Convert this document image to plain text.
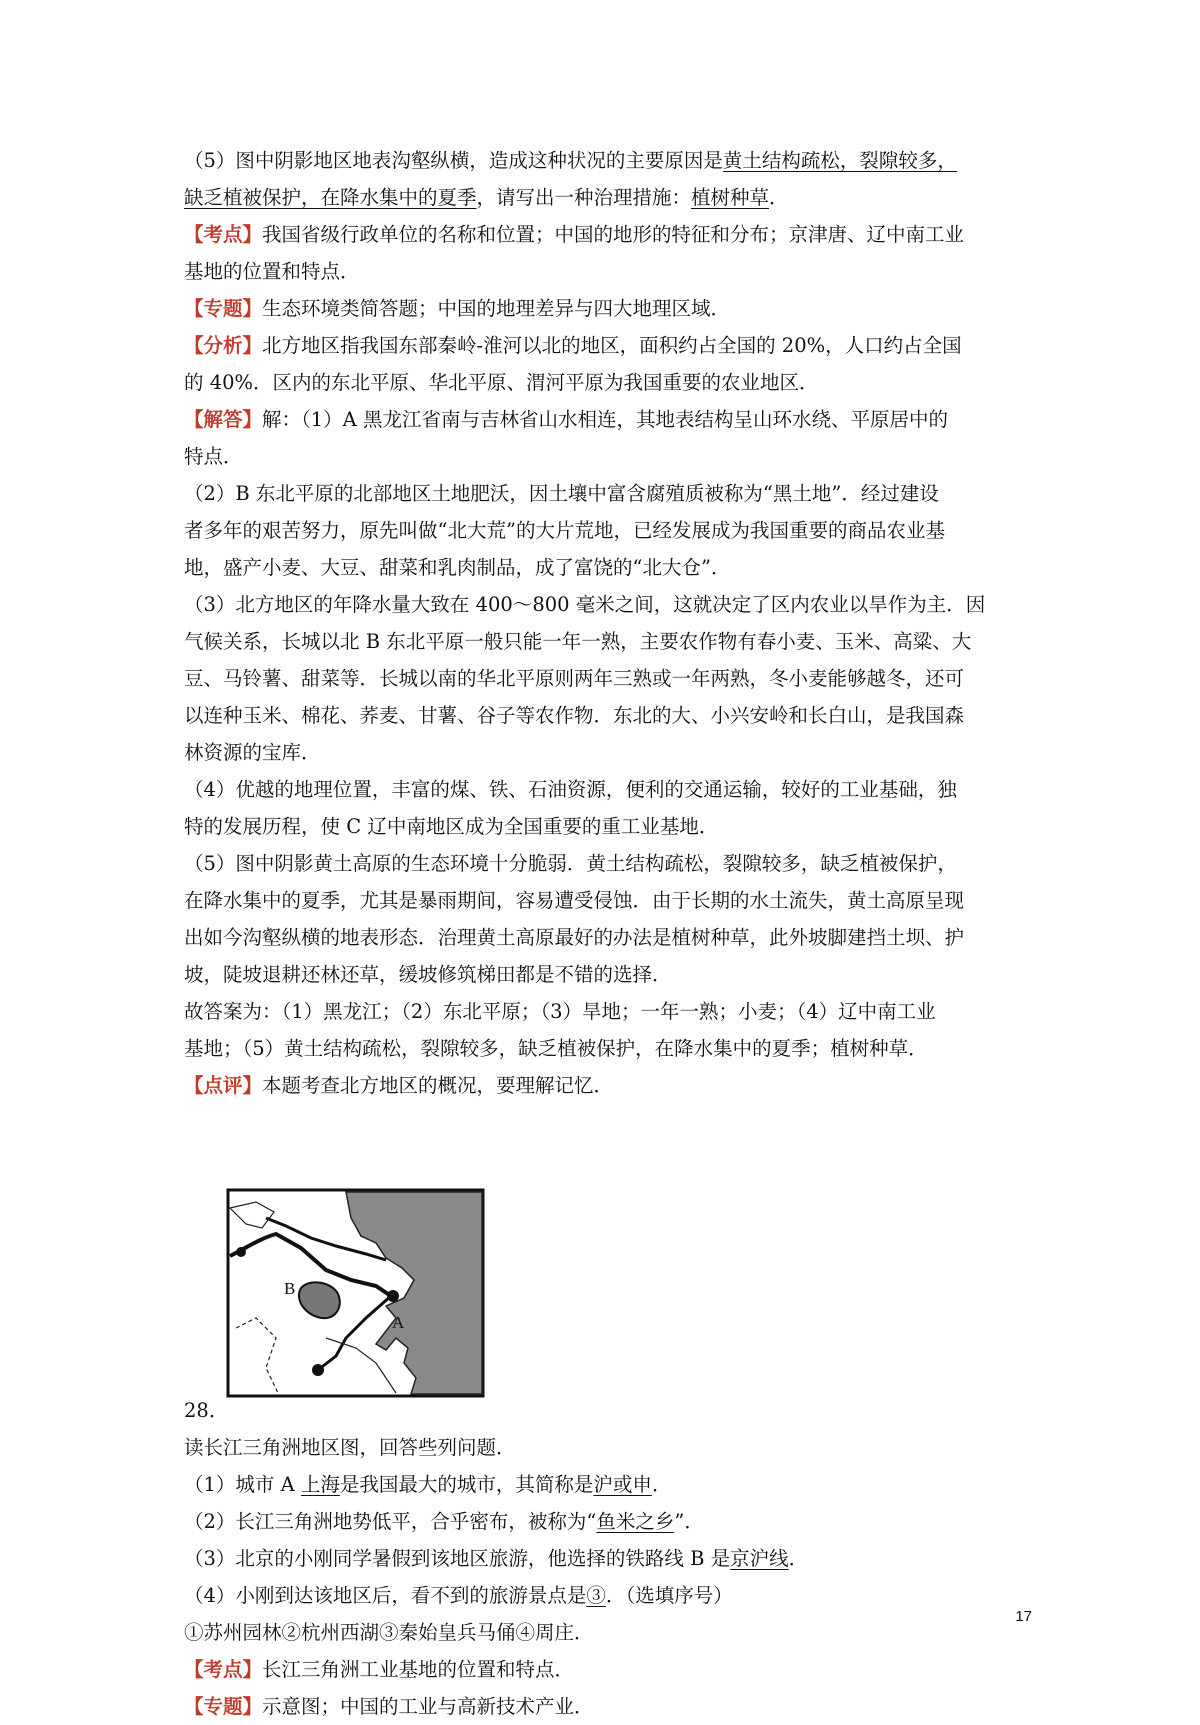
（5）图中阴影地区地表沟壑纵横，造成这种状况的主要原因是黄土结构疏松，裂隙较多，
缺乏植被保护，在降水集中的夏季，请写出一种治理措施：植树种草．
【考点】我国省级行政单位的名称和位置；中国的地形的特征和分布；京津唐、辽中南工业
基地的位置和特点．
【专题】生态环境类简答题；中国的地理差异与四大地理区域．
【分析】北方地区指我国东部秦岭-淮河以北的地区，面积约占全国的 20%，人口约占全国
的 40%．区内的东北平原、华北平原、渭河平原为我国重要的农业地区．
【解答】解：（1）A 黑龙江省南与吉林省山水相连，其地表结构呈山环水绕、平原居中的
特点．
（2）B 东北平原的北部地区土地肥沃，因土壤中富含腐殖质被称为“黑土地”．经过建设
者多年的艰苦努力，原先叫做“北大荒”的大片荒地，已经发展成为我国重要的商品农业基
地，盛产小麦、大豆、甜菜和乳肉制品，成了富饶的“北大仓”．
（3）北方地区的年降水量大致在 400～800 毫米之间，这就决定了区内农业以旱作为主．因
气候关系，长城以北 B 东北平原一般只能一年一熟，主要农作物有春小麦、玉米、高粱、大
豆、马铃薯、甜菜等．长城以南的华北平原则两年三熟或一年两熟，冬小麦能够越冬，还可
以连种玉米、棉花、荞麦、甘薯、谷子等农作物．东北的大、小兴安岭和长白山，是我国森
林资源的宝库．
（4）优越的地理位置，丰富的煤、铁、石油资源，便利的交通运输，较好的工业基础，独
特的发展历程，使 C 辽中南地区成为全国重要的重工业基地．
（5）图中阴影黄土高原的生态环境十分脆弱．黄土结构疏松，裂隙较多，缺乏植被保护，
在降水集中的夏季，尤其是暴雨期间，容易遭受侵蚀．由于长期的水土流失，黄土高原呈现
出如今沟壑纵横的地表形态．治理黄土高原最好的办法是植树种草，此外坡脚建挡土坝、护
坡，陡坡退耕还林还草，缓坡修筑梯田都是不错的选择．
故答案为：（1）黑龙江；（2）东北平原；（3）旱地；一年一熟；小麦；（4）辽中南工业
基地；（5）黄土结构疏松，裂隙较多，缺乏植被保护，在降水集中的夏季；植树种草．
【点评】本题考查北方地区的概况，要理解记忆．
B
A
28．
读长江三角洲地区图，回答些列问题．
（1）城市 A 上海是我国最大的城市，其简称是沪或申．
（2）长江三角洲地势低平，合乎密布，被称为“鱼米之乡”．
（3）北京的小刚同学暑假到该地区旅游，他选择的铁路线 B 是京沪线．
（4）小刚到达该地区后，看不到的旅游景点是③．（选填序号）
①苏州园林②杭州西湖③秦始皇兵马俑④周庄．
【考点】长江三角洲工业基地的位置和特点．
【专题】示意图；中国的工业与高新技术产业．
17
